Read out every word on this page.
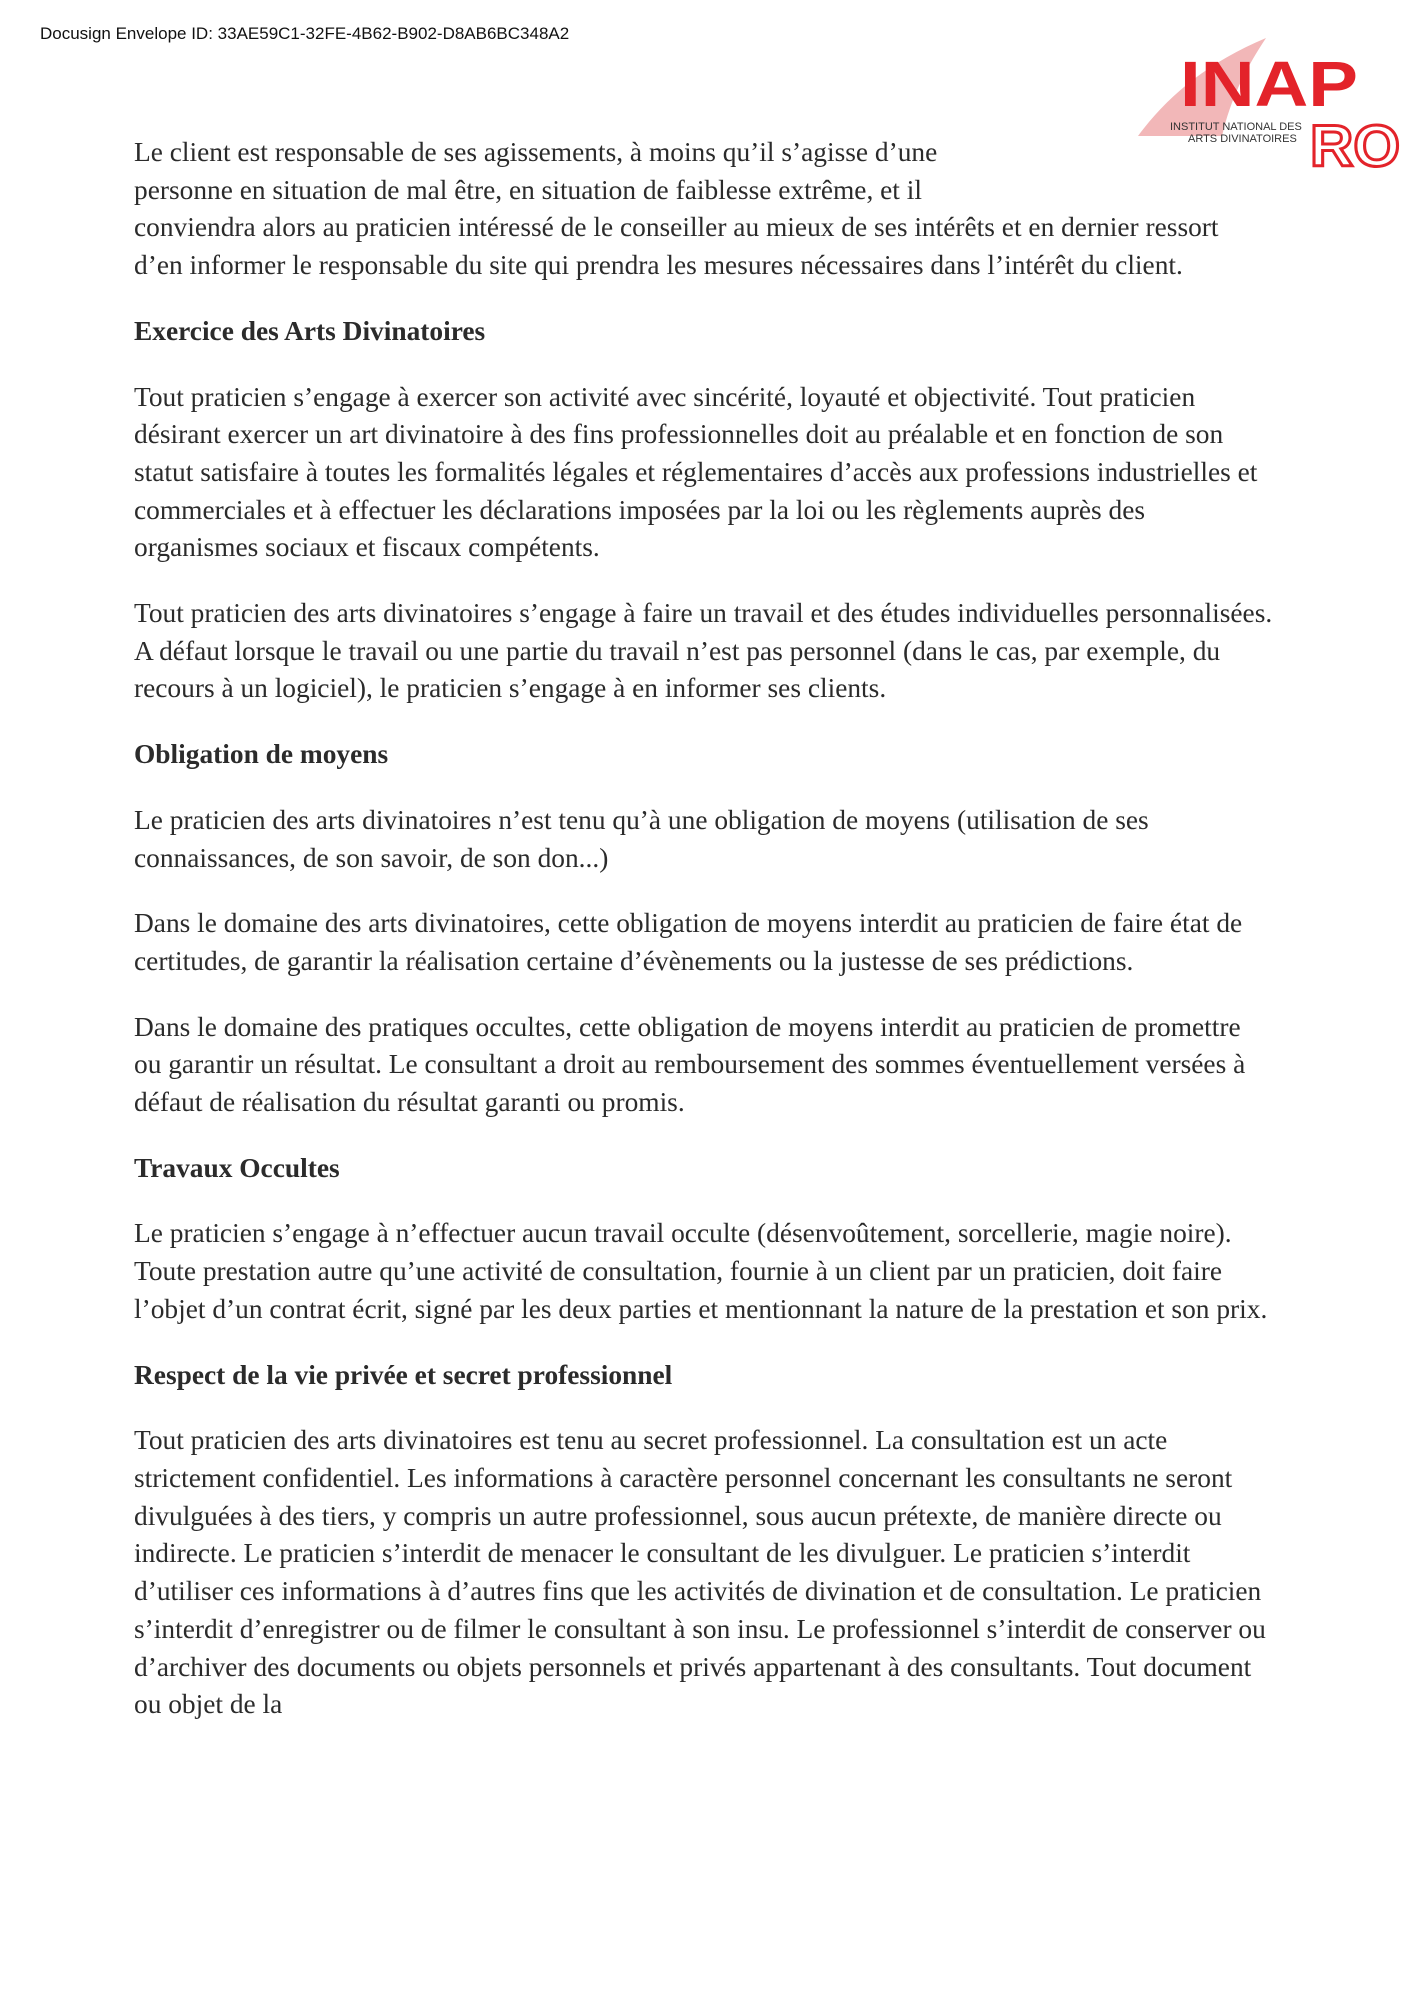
Docusign Envelope ID: 33AE59C1-32FE-4B62-B902-D8AB6BC348A2
INAP
RO
INSTITUT NATIONAL DES
ARTS DIVINATOIRES

Le client est responsable de ses agissements, à moins qu’il s’agisse d’une
personne en situation de mal être, en situation de faiblesse extrême, et il
conviendra alors au praticien intéressé de le conseiller au mieux de ses intérêts et en dernier ressort d’en informer le responsable du site qui prendra les mesures nécessaires dans l’intérêt du client.

Exercice des Arts Divinatoires

Tout praticien s’engage à exercer son activité avec sincérité, loyauté et objectivité. Tout praticien désirant exercer un art divinatoire à des fins professionnelles doit au préalable et en fonction de son statut satisfaire à toutes les formalités légales et réglementaires d’accès aux professions industrielles et commerciales et à effectuer les déclarations imposées par la loi ou les règlements auprès des organismes sociaux et fiscaux compétents.

Tout praticien des arts divinatoires s’engage à faire un travail et des études individuelles personnalisées. A défaut lorsque le travail ou une partie du travail n’est pas personnel (dans le cas, par exemple, du recours à un logiciel), le praticien s’engage à en informer ses clients.

Obligation de moyens

Le praticien des arts divinatoires n’est tenu qu’à une obligation de moyens (utilisation de ses connaissances, de son savoir, de son don...)

Dans le domaine des arts divinatoires, cette obligation de moyens interdit au praticien de faire état de certitudes, de garantir la réalisation certaine d’évènements ou la justesse de ses prédictions.

Dans le domaine des pratiques occultes, cette obligation de moyens interdit au praticien de promettre ou garantir un résultat. Le consultant a droit au remboursement des sommes éventuellement versées à défaut de réalisation du résultat garanti ou promis.

Travaux Occultes

Le praticien s’engage à n’effectuer aucun travail occulte (désenvoûtement, sorcellerie, magie noire). Toute prestation autre qu’une activité de consultation, fournie à un client par un praticien, doit faire l’objet d’un contrat écrit, signé par les deux parties et mentionnant la nature de la prestation et son prix.

Respect de la vie privée et secret professionnel

Tout praticien des arts divinatoires est tenu au secret professionnel. La consultation est un acte strictement confidentiel. Les informations à caractère personnel concernant les consultants ne seront divulguées à des tiers, y compris un autre professionnel, sous aucun prétexte, de manière directe ou indirecte. Le praticien s’interdit de menacer le consultant de les divulguer. Le praticien s’interdit d’utiliser ces informations à d’autres fins que les activités de divination et de consultation. Le praticien s’interdit d’enregistrer ou de filmer le consultant à son insu. Le professionnel s’interdit de conserver ou d’archiver des documents ou objets personnels et privés appartenant à des consultants. Tout document ou objet de la
